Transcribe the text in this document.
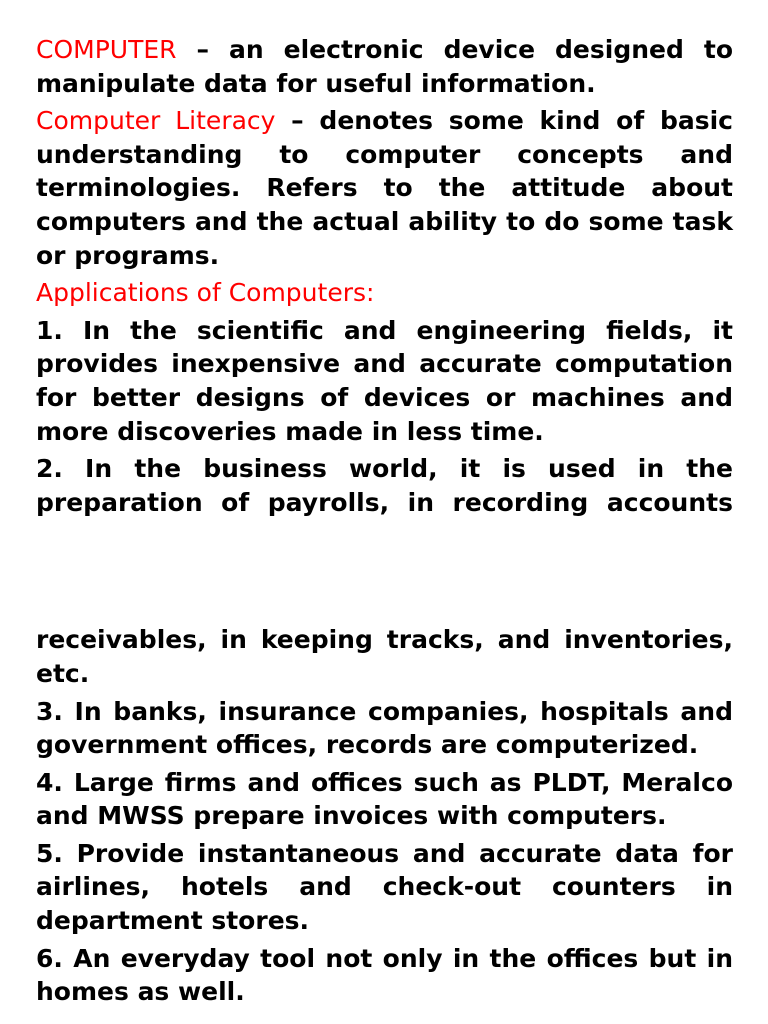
COMPUTER – an electronic device designed to manipulate data for useful information.

Computer Literacy – denotes some kind of basic understanding to computer concepts and terminologies. Refers to the attitude about computers and the actual ability to do some task or programs.

Applications of Computers:

1. In the scientific and engineering fields, it provides inexpensive and accurate computation for better designs of devices or machines and more discoveries made in less time.

2. In the business world, it is used in the preparation of payrolls, in recording accounts

receivables, in keeping tracks, and inventories, etc.

3. In banks, insurance companies, hospitals and government offices, records are computerized.

4. Large firms and offices such as PLDT, Meralco and MWSS prepare invoices with computers.

5. Provide instantaneous and accurate data for airlines, hotels and check-out counters in department stores.

6. An everyday tool not only in the offices but in homes as well.
